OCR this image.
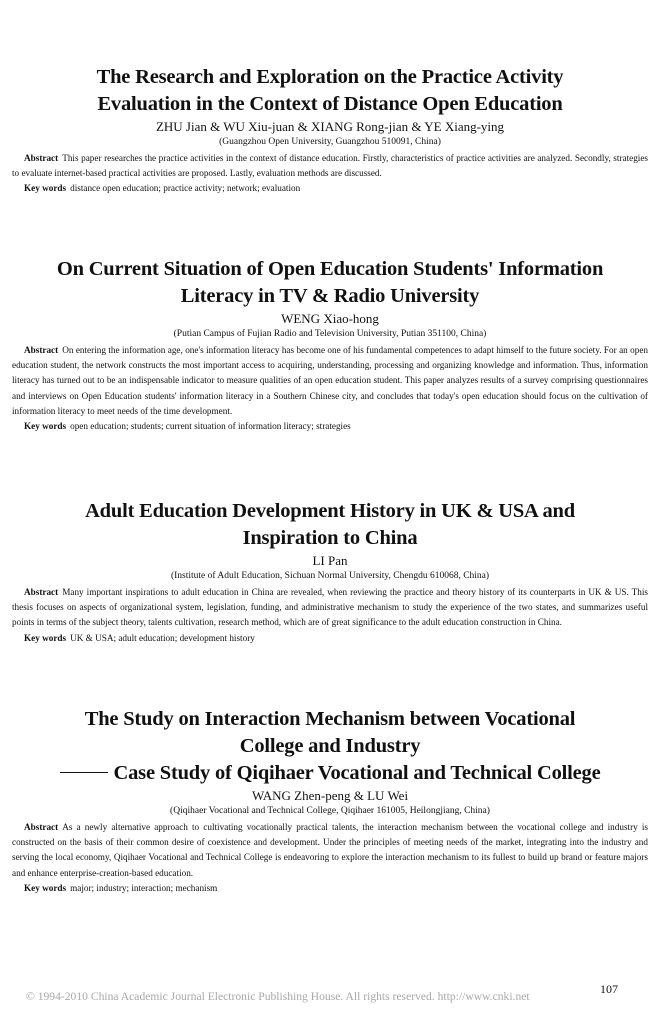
The Research and Exploration on the Practice Activity
Evaluation in the Context of Distance Open Education
ZHU Jian & WU Xiu-juan & XIANG Rong-jian & YE Xiang-ying
(Guangzhou Open University, Guangzhou 510091, China)
Abstract This paper researches the practice activities in the context of distance education. Firstly, characteristics of practice activities are analyzed. Secondly, strategies to evaluate internet-based practical activities are proposed. Lastly, evaluation methods are discussed.
Key words distance open education; practice activity; network; evaluation
On Current Situation of Open Education Students' Information
Literacy in TV & Radio University
WENG Xiao-hong
(Putian Campus of Fujian Radio and Television University, Putian 351100, China)
Abstract On entering the information age, one's information literacy has become one of his fundamental competences to adapt himself to the future society. For an open education student, the network constructs the most important access to acquiring, understanding, processing and organizing knowledge and information. Thus, information literacy has turned out to be an indispensable indicator to measure qualities of an open education student. This paper analyzes results of a survey comprising questionnaires and interviews on Open Education students' information literacy in a Southern Chinese city, and concludes that today's open education should focus on the cultivation of information literacy to meet needs of the time development.
Key words open education; students; current situation of information literacy; strategies
Adult Education Development History in UK & USA and
Inspiration to China
LI Pan
(Institute of Adult Education, Sichuan Normal University, Chengdu 610068, China)
Abstract Many important inspirations to adult education in China are revealed, when reviewing the practice and theory history of its counterparts in UK & US. This thesis focuses on aspects of organizational system, legislation, funding, and administrative mechanism to study the experience of the two states, and summarizes useful points in terms of the subject theory, talents cultivation, research method, which are of great significance to the adult education construction in China.
Key words UK & USA; adult education; development history
The Study on Interaction Mechanism between Vocational
College and Industry
Case Study of Qiqihaer Vocational and Technical College
WANG Zhen-peng & LU Wei
(Qiqihaer Vocational and Technical College, Qiqihaer 161005, Heilongjiang, China)
Abstract As a newly alternative approach to cultivating vocationally practical talents, the interaction mechanism between the vocational college and industry is constructed on the basis of their common desire of coexistence and development. Under the principles of meeting needs of the market, integrating into the industry and serving the local economy, Qiqihaer Vocational and Technical College is endeavoring to explore the interaction mechanism to its fullest to build up brand or feature majors and enhance enterprise-creation-based education.
Key words major; industry; interaction; mechanism
107
© 1994-2010 China Academic Journal Electronic Publishing House. All rights reserved. http://www.cnki.net
